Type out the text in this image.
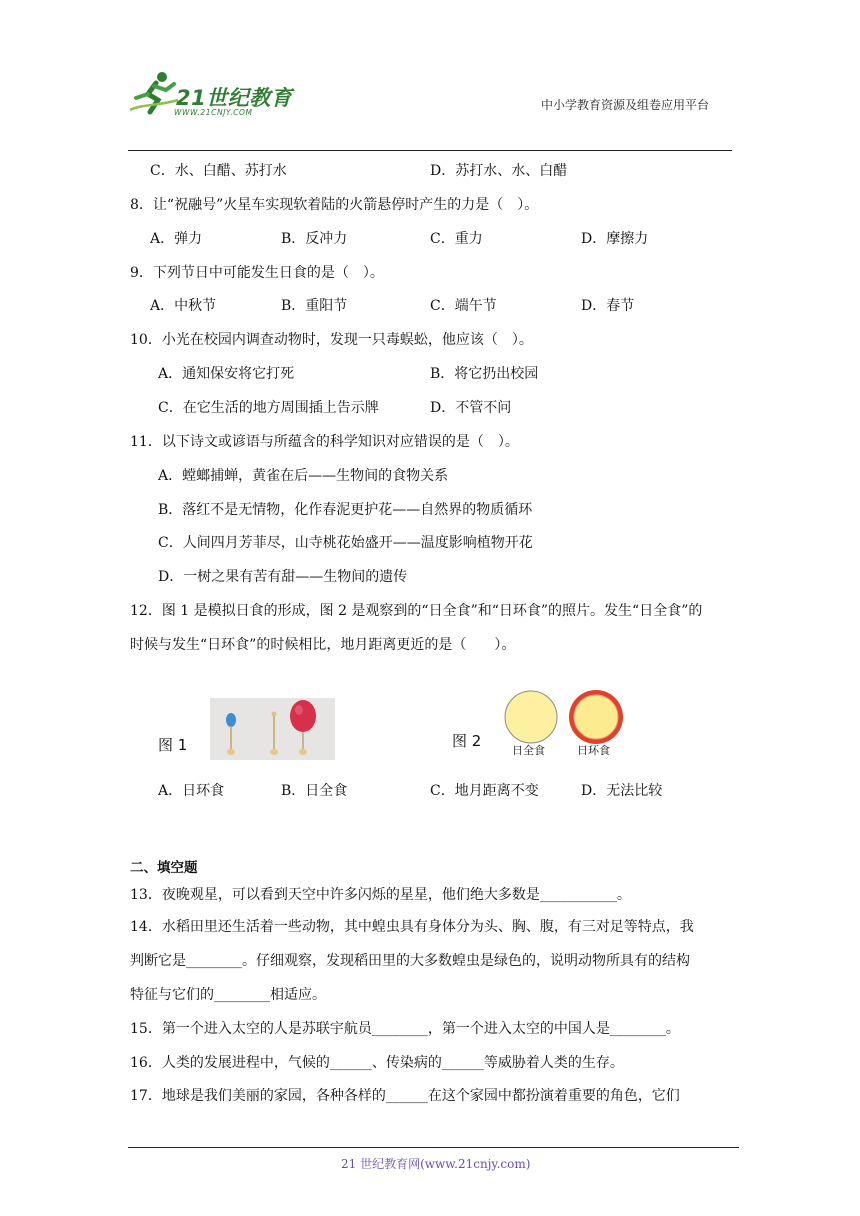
21世纪教育
WWW.21CNJY.COM
中小学教育资源及组卷应用平台
C．水、白醋、苏打水	D．苏打水、水、白醋
8．让“祝融号”火星车实现软着陆的火箭悬停时产生的力是（　）。
A．弹力	B．反冲力	C．重力	D．摩擦力
9．下列节日中可能发生日食的是（　）。
A．中秋节	B．重阳节	C．端午节	D．春节
10．小光在校园内调查动物时，发现一只毒蜈蚣，他应该（　）。
A．通知保安将它打死	B．将它扔出校园
C．在它生活的地方周围插上告示牌	D．不管不问
11．以下诗文或谚语与所蕴含的科学知识对应错误的是（　）。
A．螳螂捕蝉，黄雀在后——生物间的食物关系
B．落红不是无情物，化作春泥更护花——自然界的物质循环
C．人间四月芳菲尽，山寺桃花始盛开——温度影响植物开花
D．一树之果有苦有甜——生物间的遗传
12．图 1 是模拟日食的形成，图 2 是观察到的“日全食”和“日环食”的照片。发生“日全食”的
时候与发生“日环食”的时候相比，地月距离更近的是（　　）。
图 1	图 2
日全食	日环食
A．日环食	B．日全食	C．地月距离不变	D．无法比较
二、填空题
13．夜晚观星，可以看到天空中许多闪烁的星星，他们绝大多数是___________。
14．水稻田里还生活着一些动物，其中蝗虫具有身体分为头、胸、腹，有三对足等特点，我
判断它是________。仔细观察，发现稻田里的大多数蝗虫是绿色的，说明动物所具有的结构
特征与它们的________相适应。
15．第一个进入太空的人是苏联宇航员________，第一个进入太空的中国人是________。
16．人类的发展进程中，气候的______、传染病的______等威胁着人类的生存。
17．地球是我们美丽的家园，各种各样的______在这个家园中都扮演着重要的角色，它们
21 世纪教育网(www.21cnjy.com)
